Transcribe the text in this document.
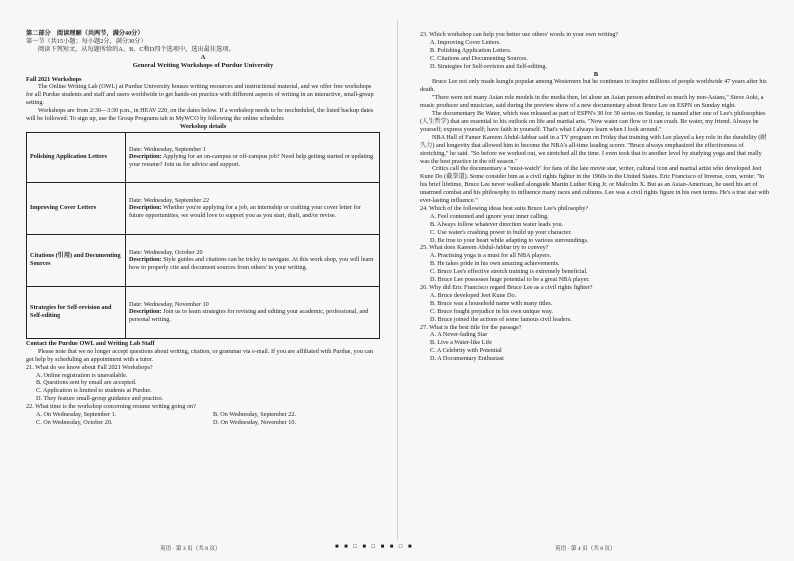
第二部分　阅读理解（共两节，满分40分）

第一节（共15小题；每小题2分，满分30分）

阅读下列短文，从每题所给的A、B、C和D四个选项中，选出最佳选项。

A

General Writing Workshops of Purdue University

Fall 2021 Workshops

The Online Writing Lab (OWL) at Purdue University houses writing resources and instructional material, and we offer free workshops for all Purdue students and staff and users worldwide to get hands-on practice with different aspects of writing in an interactive, small-group setting.

Workshops are from 2:30—3:30 p.m., in HEAV 220, on the dates below. If a workshop needs to be rescheduled, the listed backup dates will be followed. To sign up, use the Group Programs tab in MyWCO by following the online scheduler.

Workshop details

Polishing Application Letters	Date: Wednesday, September 1
Description: Applying for an on-campus or off-campus job? Need help getting started or updating your resume? Join us for advice and support.

Improving Cover Letters	Date: Wednesday, September 22
Description: Whether you're applying for a job, an internship or crafting your cover letter for future opportunities, we would love to support you as you start, draft, and/or revise.

Citations (引用) and Documenting Sources	Date: Wednesday, October 20
Description: Style guides and citations can be tricky to navigate. At this work shop, you will learn how to properly cite and document sources from others' in your writing.

Strategies for Self-revision and Self-editing	Date: Wednesday, November 10
Description: Join us to learn strategies for revising and editing your academic, professional, and personal writing.

Contact the Purdue OWL and Writing Lab Staff

Please note that we no longer accept questions about writing, citation, or grammar via e-mail. If you are affiliated with Purdue, you can get help by scheduling an appointment with a tutor.

21. What do we know about Fall 2021 Workshops?

A. Online registration is unavailable.

B. Questions sent by email are accepted.

C. Application is limited to students at Purdue.

D. They feature small-group guidance and practice.

22. What time is the workshop concerning resume writing going on?

A. On Wednesday, September 1.	B. On Wednesday, September 22.
C. On Wednesday, October 20.	D. On Wednesday, November 10.

23. Which workshop can help you better use others' words in your own writing?

A. Improving Cover Letters.

B. Polishing Application Letters.

C. Citations and Documenting Sources.

D. Strategies for Self-revision and Self-editing.

B

Bruce Lee not only made kungfu popular among Westerners but he continues to inspire millions of people worldwide 47 years after his death.

"There were not many Asian role models in the media then, let alone an Asian person admired so much by non-Asians," Steve Aoki, a music producer and musician, said during the preview show of a new documentary about Bruce Lee on ESPN on Sunday night.

The documentary Be Water, which was released as part of ESPN's 30 for 30 series on Sunday, is named after one of Lee's philosophies (人生哲学) that are essential to his outlook on life and martial arts. "Now water can flow or it can crash. Be water, my friend. Always be yourself; express yourself; have faith in yourself. That's what I always learn when I look around."

NBA Hall of Famer Kareem Abdul-Jabbar said in a TV program on Friday that training with Lee played a key role in the durability (耐久力) and longevity that allowed him to become the NBA's all-time leading scorer. "Bruce always emphasized the effectiveness of stretching," he said. "So before we worked out, we stretched all the time. I even took that to another level by studying yoga and that really was the best practice in the off season."

Critics call the documentary a "must-watch" for fans of the late movie star, writer, cultural icon and martial artist who developed Jeet Kune Do (截拳道). Some consider him as a civil rights fighter in the 1960s in the United States. Eric Francisco of Inverse, com, wrote: "In his brief lifetime, Bruce Lee never walked alongside Martin Luther King Jr. or Malcolm X. But as an Asian-American, he used his art of unarmed combat and his philosophy to influence many races and cultures. Lee was a civil rights figure in his own terms. He's a true star with ever-lasting influence."

24. Which of the following ideas best suits Bruce Lee's philosophy?

A. Feel contented and ignore your inner calling.

B. Always follow whatever direction water leads you.

C. Use water's crashing power to build up your character.

D. Be true to your heart while adapting to various surroundings.

25. What does Kareem Abdul-Jabbar try to convey?

A. Practising yoga is a must for all NBA players.

B. He takes pride in his own amazing achievements.

C. Bruce Lee's effective stretch training is extremely beneficial.

D. Bruce Lee possesses huge potential to be a great NBA player.

26. Why did Eric Francisco regard Bruce Lee as a civil rights fighter?

A. Bruce developed Jeet Kune Do.

B. Bruce was a household name with many titles.

C. Bruce fought prejudice in his own unique way.

D. Bruce joined the actions of some famous civil leaders.

27. What is the best title for the passage?

A. A Never-fading Star

B. Live a Water-like Life

C. A Celebrity with Potential

D. A Documentary Enthusiast

英语 · 第 3 页（共 8 页）	■ ■ □ ■ □ ■ ■ □ ■	英语 · 第 4 页（共 8 页）
